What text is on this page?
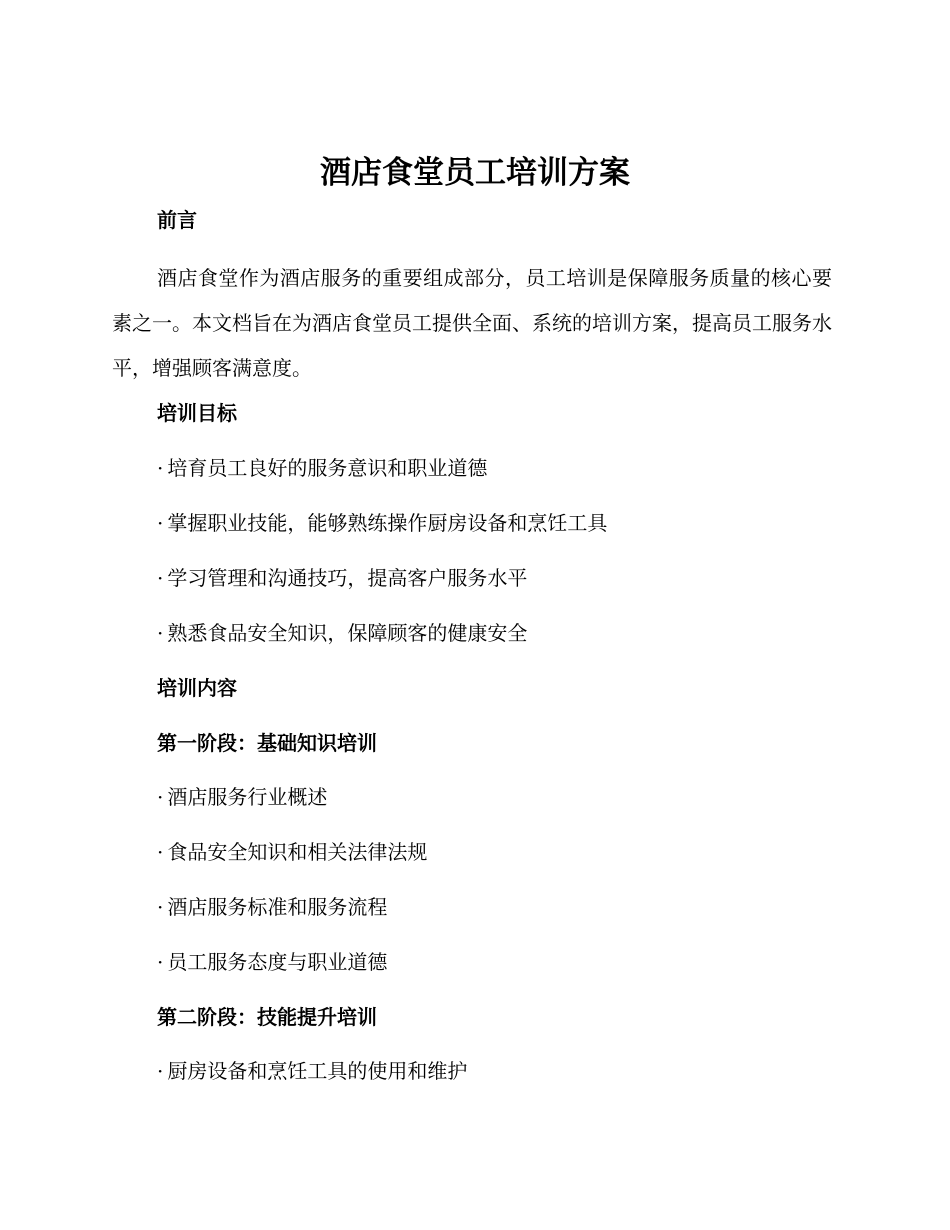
酒店食堂员工培训方案
前言

酒店食堂作为酒店服务的重要组成部分，员工培训是保障服务质量的核心要素之一。本文档旨在为酒店食堂员工提供全面、系统的培训方案，提高员工服务水平，增强顾客满意度。

培训目标
· 培育员工良好的服务意识和职业道德
· 掌握职业技能，能够熟练操作厨房设备和烹饪工具
· 学习管理和沟通技巧，提高客户服务水平
· 熟悉食品安全知识，保障顾客的健康安全
培训内容
第一阶段：基础知识培训
· 酒店服务行业概述
· 食品安全知识和相关法律法规
· 酒店服务标准和服务流程
· 员工服务态度与职业道德
第二阶段：技能提升培训
· 厨房设备和烹饪工具的使用和维护
